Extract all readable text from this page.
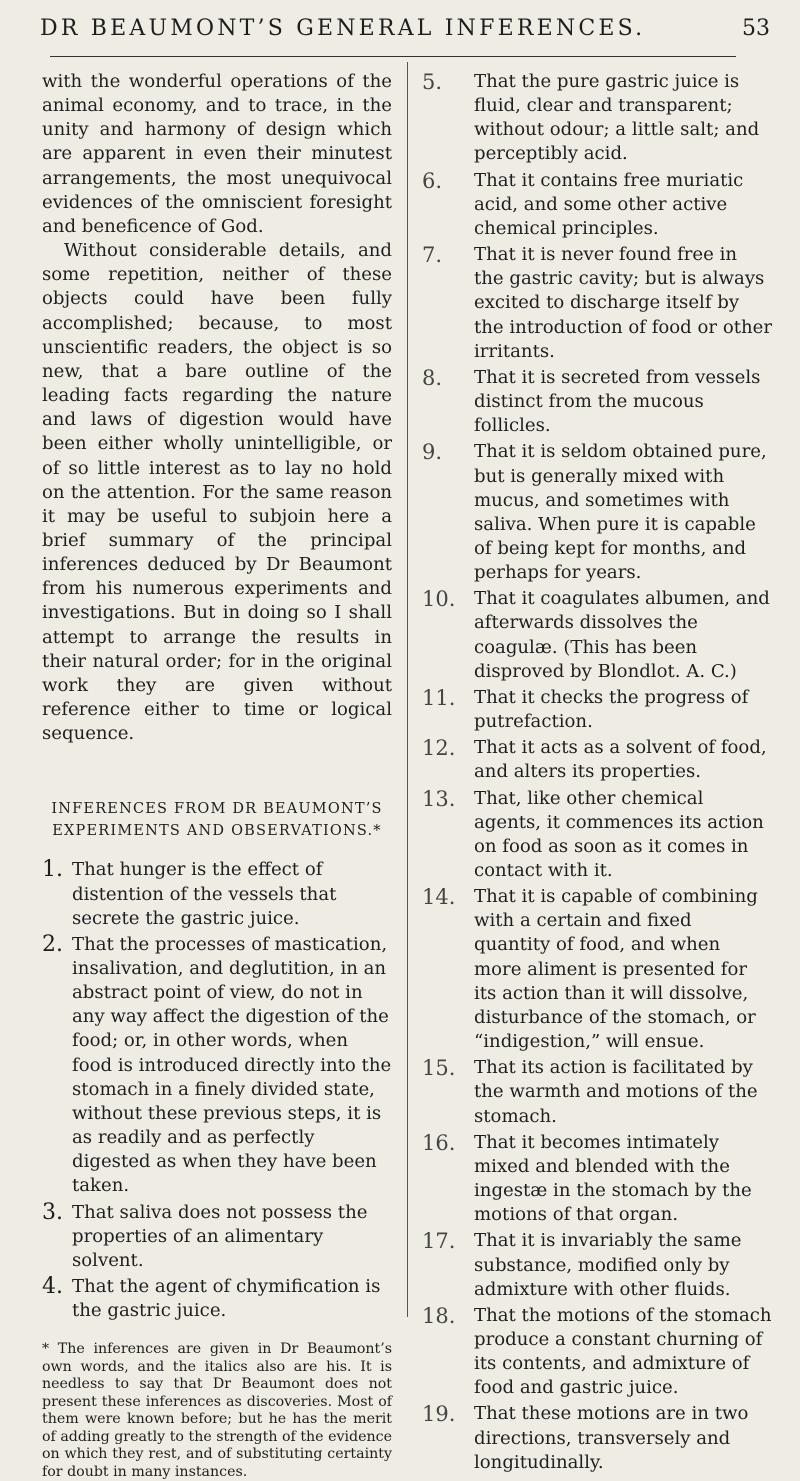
DR BEAUMONT’S GENERAL INFERENCES.	53

with the wonderful operations of the animal economy, and to trace, in the unity and harmony of design which are apparent in even their minutest arrangements, the most unequivocal evidences of the omniscient foresight and beneficence of God.

Without considerable details, and some repetition, neither of these objects could have been fully accomplished; because, to most unscientific readers, the object is so new, that a bare outline of the leading facts regarding the nature and laws of digestion would have been either wholly unintelligible, or of so little interest as to lay no hold on the attention. For the same reason it may be useful to subjoin here a brief summary of the principal inferences deduced by Dr Beaumont from his numerous experiments and investigations. But in doing so I shall attempt to arrange the results in their natural order; for in the original work they are given without reference either to time or logical sequence.

INFERENCES FROM DR BEAUMONT’S EXPERIMENTS AND OBSERVATIONS.*
1. That hunger is the effect of distention of the vessels that secrete the gastric juice.
2. That the processes of mastication, insalivation, and deglutition, in an abstract point of view, do not in any way affect the digestion of the food; or, in other words, when food is introduced directly into the stomach in a finely divided state, without these previous steps, it is as readily and as perfectly digested as when they have been taken.
3. That saliva does not possess the properties of an alimentary solvent.
4. That the agent of chymification is the gastric juice.

* The inferences are given in Dr Beaumont’s own words, and the italics also are his. It is needless to say that Dr Beaumont does not present these inferences as discoveries. Most of them were known before; but he has the merit of adding greatly to the strength of the evidence on which they rest, and of substituting certainty for doubt in many instances.

5. That the pure gastric juice is fluid, clear and transparent; without odour; a little salt; and perceptibly acid.
6. That it contains free muriatic acid, and some other active chemical principles.
7. That it is never found free in the gastric cavity; but is always excited to discharge itself by the introduction of food or other irritants.
8. That it is secreted from vessels distinct from the mucous follicles.
9. That it is seldom obtained pure, but is generally mixed with mucus, and sometimes with saliva. When pure it is capable of being kept for months, and perhaps for years.
10. That it coagulates albumen, and afterwards dissolves the coagulæ. (This has been disproved by Blondlot. A. C.)
11. That it checks the progress of putrefaction.
12. That it acts as a solvent of food, and alters its properties.
13. That, like other chemical agents, it commences its action on food as soon as it comes in contact with it.
14. That it is capable of combining with a certain and fixed quantity of food, and when more aliment is presented for its action than it will dissolve, disturbance of the stomach, or “indigestion,” will ensue.
15. That its action is facilitated by the warmth and motions of the stomach.
16. That it becomes intimately mixed and blended with the ingestæ in the stomach by the motions of that organ.
17. That it is invariably the same substance, modified only by admixture with other fluids.
18. That the motions of the stomach produce a constant churning of its contents, and admixture of food and gastric juice.
19. That these motions are in two directions, transversely and longitudinally.
